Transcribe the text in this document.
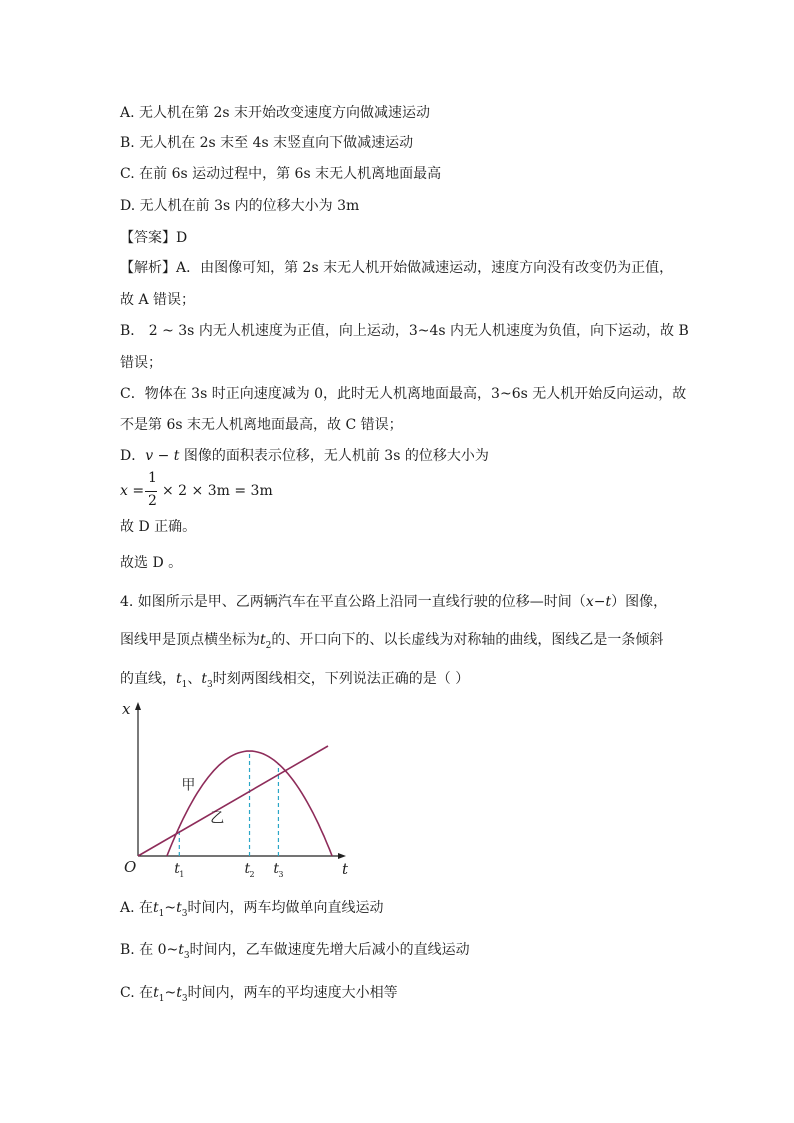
A. 无人机在第 2s 末开始改变速度方向做减速运动
B. 无人机在 2s 末至 4s 末竖直向下做减速运动
C. 在前 6s 运动过程中，第 6s 末无人机离地面最高
D. 无人机在前 3s 内的位移大小为 3m
【答案】D
【解析】A．由图像可知，第 2s 末无人机开始做减速运动，速度方向没有改变仍为正值，
故 A 错误；
B． 2 ~ 3s 内无人机速度为正值，向上运动，3~4s 内无人机速度为负值，向下运动，故 B
错误；
C．物体在 3s 时正向速度减为 0，此时无人机离地面最高，3~6s 无人机开始反向运动，故
不是第 6s 末无人机离地面最高，故 C 错误；
D．v − t 图像的面积表示位移，无人机前 3s 的位移大小为
x =
1
2
× 2 × 3m = 3m
故 D 正确。
故选 D 。
4. 如图所示是甲、乙两辆汽车在平直公路上沿同一直线行驶的位移—时间（x−t）图像，
图线甲是顶点横坐标为$t_2$的、开口向下的、以长虚线为对称轴的曲线，图线乙是一条倾斜
的直线，$t_1$、$t_3$时刻两图线相交，下列说法正确的是（ ）
O
x
t
甲
乙
t 1	t 2 t 3
A. 在$t_1\sim t_3$时间内，两车均做单向直线运动
B. 在 $0\sim t_3$时间内，乙车做速度先增大后减小的直线运动
C. 在$t_1\sim t_3$时间内，两车的平均速度大小相等
